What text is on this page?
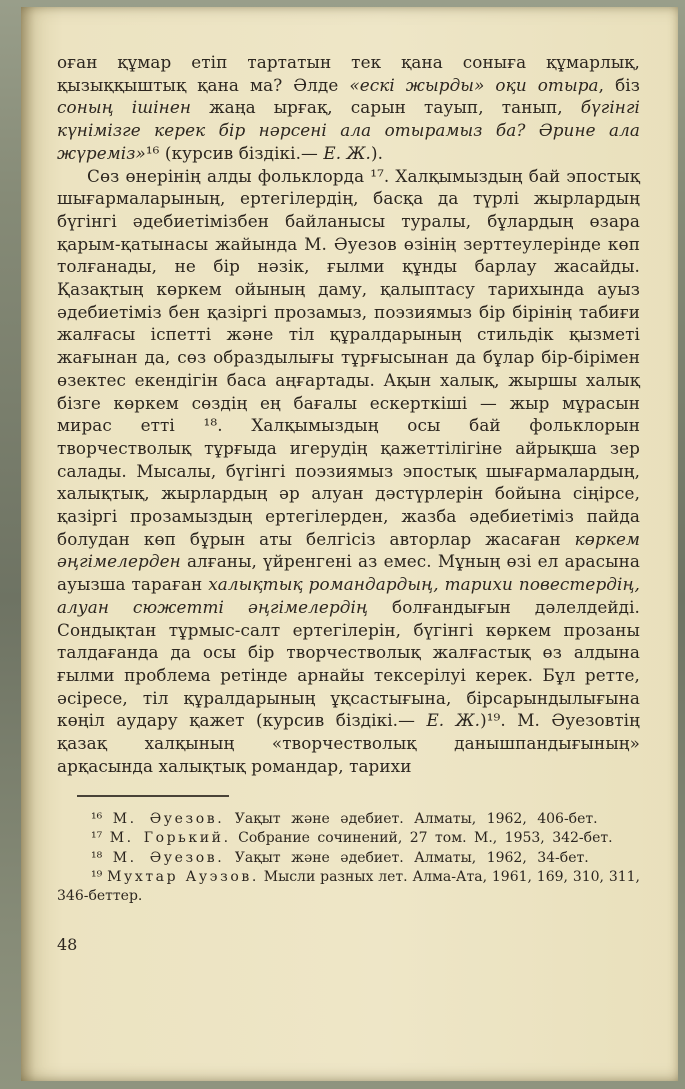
оған құмар етіп тартатын тек қана соныға құмарлық, қызыққыштық қана ма? Әлде «ескі жырды» оқи отыра, біз соның ішінен жаңа ырғақ, сарын тауып, танып, бүгінгі күнімізге керек бір нәрсені ала отырамыз ба? Әрине ала жүреміз»¹⁶ (курсив біздікі.— Е. Ж.).

Сөз өнерінің алды фольклорда ¹⁷. Халқымыздың бай эпостық шығармаларының, ертегілердің, басқа да түрлі жырлардың бүгінгі әдебиетімізбен байланысы туралы, бұлардың өзара қарым-қатынасы жайында М. Әуезов өзінің зерттеулерінде көп толғанады, не бір нәзік, ғылми құнды барлау жасайды. Қазақтың көркем ойының даму, қалыптасу тарихында ауыз әдебиетіміз бен қазіргі прозамыз, поэзиямыз бір бірінің табиғи жалғасы іспетті және тіл құралдарының стильдік қызметі жағынан да, сөз образдылығы тұрғысынан да бұлар бір-бірімен өзектес екендігін баса аңғартады. Ақын халық, жыршы халық бізге көркем сөздің ең бағалы ескерткіші — жыр мұрасын мирас етті ¹⁸. Халқымыздың осы бай фольклорын творчестволық тұрғыда игерудің қажеттілігіне айрықша зер салады. Мысалы, бүгінгі поэзиямыз эпостық шығармалардың, халықтық, жырлардың әр алуан дәстүрлерін бойына сіңірсе, қазіргі прозамыздың ертегілерден, жазба әдебиетіміз пайда болудан көп бұрын аты белгісіз авторлар жасаған көркем әңгімелерден алғаны, үйренгені аз емес. Мұның өзі ел арасына ауызша тараған халықтық романдардың, тарихи повестердің, алуан сюжетті әңгімелердің болғандығын дәлелдейді. Сондықтан тұрмыс-салт ертегілерін, бүгінгі көркем прозаны талдағанда да осы бір творчестволық жалғастық өз алдына ғылми проблема ретінде арнайы тексерілуі керек. Бұл ретте, әсіресе, тіл құралдарының ұқсастығына, бірсарындылығына көңіл аудару қажет (курсив біздікі.— Е. Ж.)¹⁹. М. Әуезовтің қазақ халқының «творчестволық данышпандығының» арқасында халықтық романдар, тарихи

¹⁶ М. Әуезов. Уақыт және әдебиет. Алматы, 1962, 406-бет.

¹⁷ М. Горький. Собрание сочинений, 27 том. М., 1953, 342-бет.

¹⁸ М. Әуезов. Уақыт және әдебиет. Алматы, 1962, 34-бет.

¹⁹ Мухтар Ауэзов. Мысли разных лет. Алма-Ата, 1961, 169, 310, 311, 346-беттер.

48
